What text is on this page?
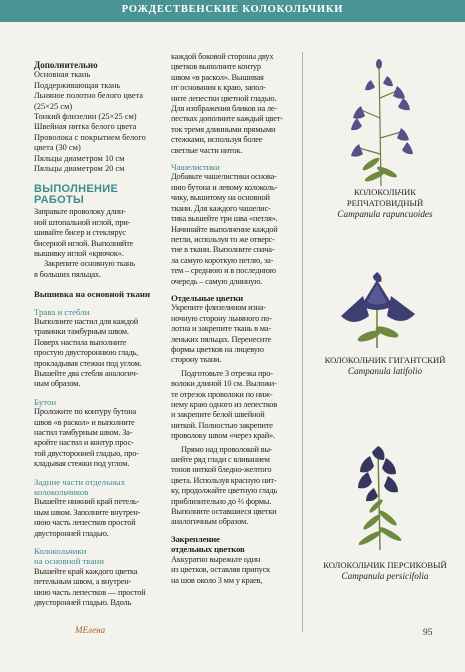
РОЖДЕСТВЕНСКИЕ КОЛОКОЛЬЧИКИ

Дополнительно

Основная ткань

Поддерживающая ткань

Льняное полотно белого цвета

(25×25 см)

Тонкий флизелин (25×25 см)

Швейная нитка белого цвета

Проволока с покрытием белого

цвета (30 см)

Пяльцы диаметром 10 см

Пяльцы диаметром 20 см

ВЫПОЛНЕНИЕ РАБОТЫ

Заправьте проволоку длин-

ной штопальной иглой, при-

шивайте бисер и стеклярус

бисерной иглой. Выполняйте

вышивку иглой «крючок».

Закрепите основную ткань

в больших пяльцах.

Вышивка на основной ткани

Трава и стебли

Выполните настил для каждой

травинки тамбурным швом.

Поверх настила выполните

простую двустороннюю гладь,

прокладывая стежки под углом.

Вышейте два стебля аналогич-

ным образом.

Бутон

Проложите по контуру бутона

швов «в раскол» и выполните

настил тамбурным швом. За-

кройте настил и контур прос-

той двусторонней гладью, про-

кладывая стежки под углом.

Задние части отдельных

колокольчиков

Вышейте нижний край петель-

ным швом. Заполните внутрен-

нюю часть лепестков простой

двусторонней гладью.

Колокольчики

на основной ткани

Вышейте край каждого цветка

петельным швом, а внутрен-

нюю часть лепестков — простой

двусторонней гладью. Вдоль

каждой боковой стороны двух

цветков выполните контур

швом «в раскол». Вышивая

от основания к краю, запол-

ните лепестки цветной гладью.

Для изображения бликов на ле-

пестках дополните каждый цвет-

ток тремя длинными прямыми

стежками, используя более

светлые части ниток.

Чашелистики

Добавьте чашелистики основа-

нию бутона и левому колоколь-

чику, вышитому на основной

ткани. Для каждого чашелис-

тика вышейте три шва «петля».

Начинайте выполнение каждой

петли, используя то же отверс-

тие в ткани. Выполните снача-

ла самую короткую петлю, за-

тем – среднюю и в последнюю

очередь – самую длинную.

Отдельные цветки

Укрепите флизелином изна-

ночную сторону льняного по-

лотна и закрепите ткань в ма-

леньких пяльцах. Перенесите

формы цветков на лицевую

сторону ткани.

Подготовьте 3 отрезка про-

волоки длиной 10 см. Выложи-

те отрезок проволоки по ниж-

нему краю одного из лепестков

и закрепите белой швейной

ниткой. Полностью закрепите

проволоку швом «через край».

Прямо над проволокой вы-

шейте ряд глади с вливанием

тонов ниткой бледно-желтого

цвета. Используя красную нит-

ку, продолжайте цветную гладь

приблизительно до ⅔ формы.

Выполните оставшиеся цветки

аналогичным образом.

Закрепление

отдельных цветков

Аккуратно вырежьте один

из цветков, оставляя припуск

на шов около 3 мм у краев,

КОЛОКОЛЬЧИК
РЕПЧАТОВИДНЫЙ
Campanula rapuncuoides
КОЛОКОЛЬЧИК ГИГАНТСКИЙ
Campanula latifolio
КОЛОКОЛЬЧИК ПЕРСИКОВЫЙ
Campanula persicifolia
MЕлена	95
